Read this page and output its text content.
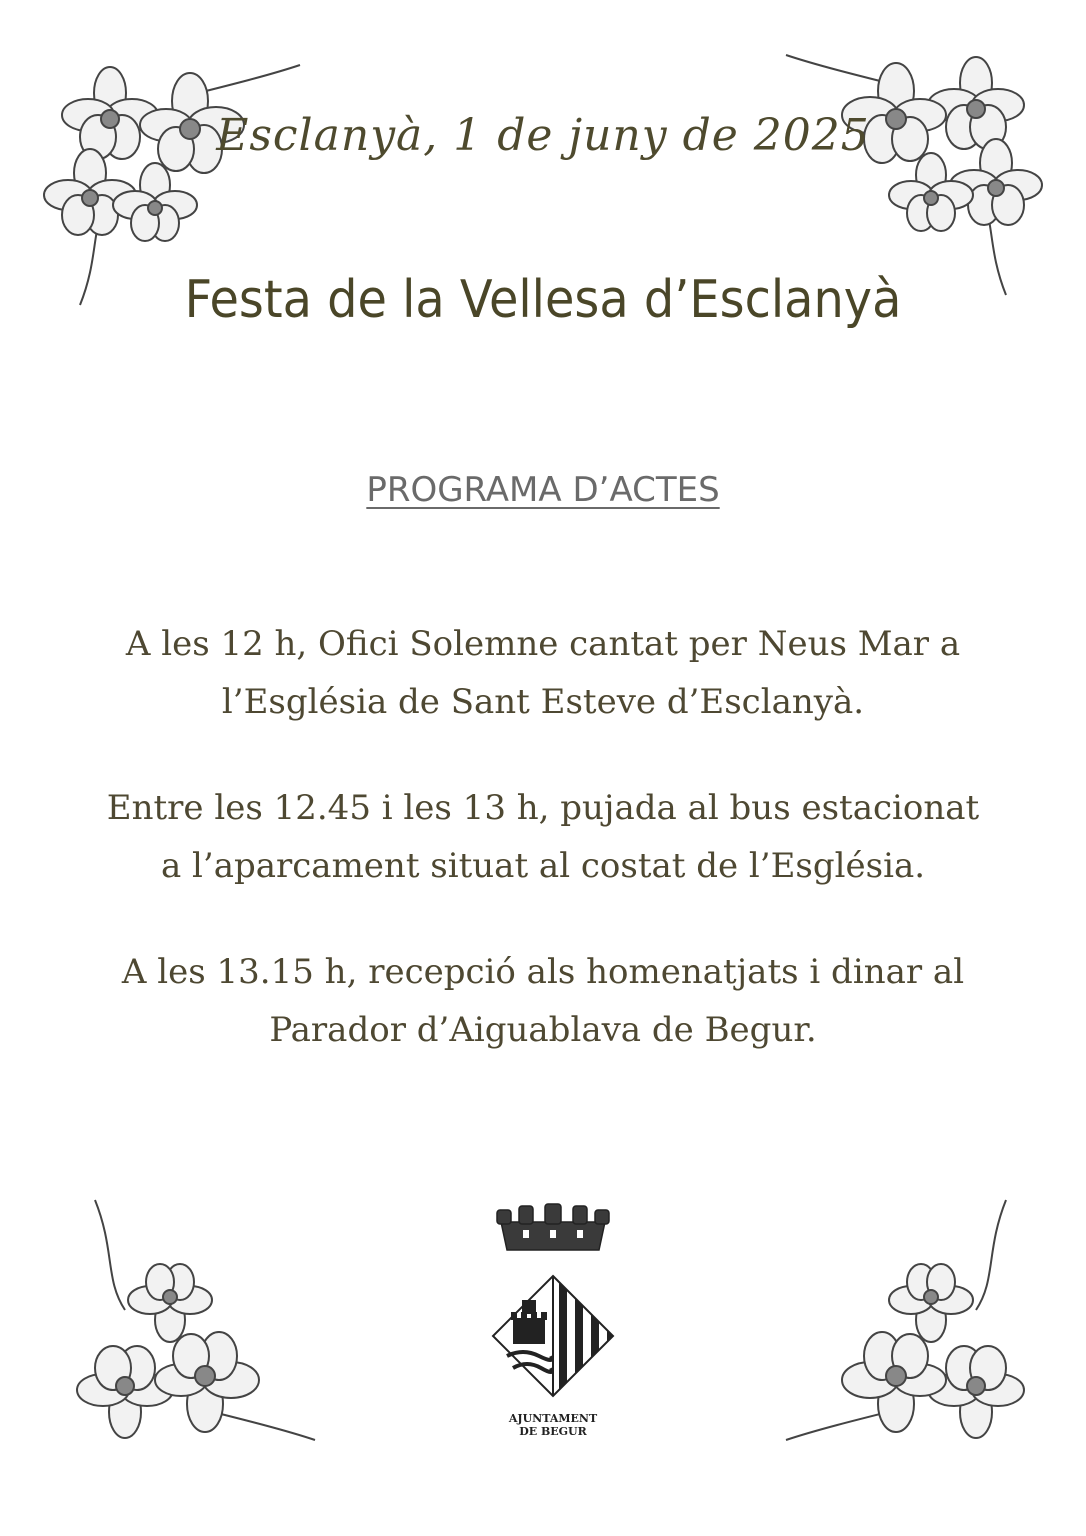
Esclanyà, 1 de juny de 2025
Festa de la Vellesa d’Esclanyà
PROGRAMA D’ACTES

A les 12 h, Ofici Solemne cantat per Neus Mar a
l’Església de Sant Esteve d’Esclanyà.

Entre les 12.45 i les 13 h, pujada al bus estacionat
a l’aparcament situat al costat de l’Església.

A les 13.15 h, recepció als homenatjats i dinar al
Parador d’Aiguablava de Begur.

AJUNTAMENT
DE BEGUR
